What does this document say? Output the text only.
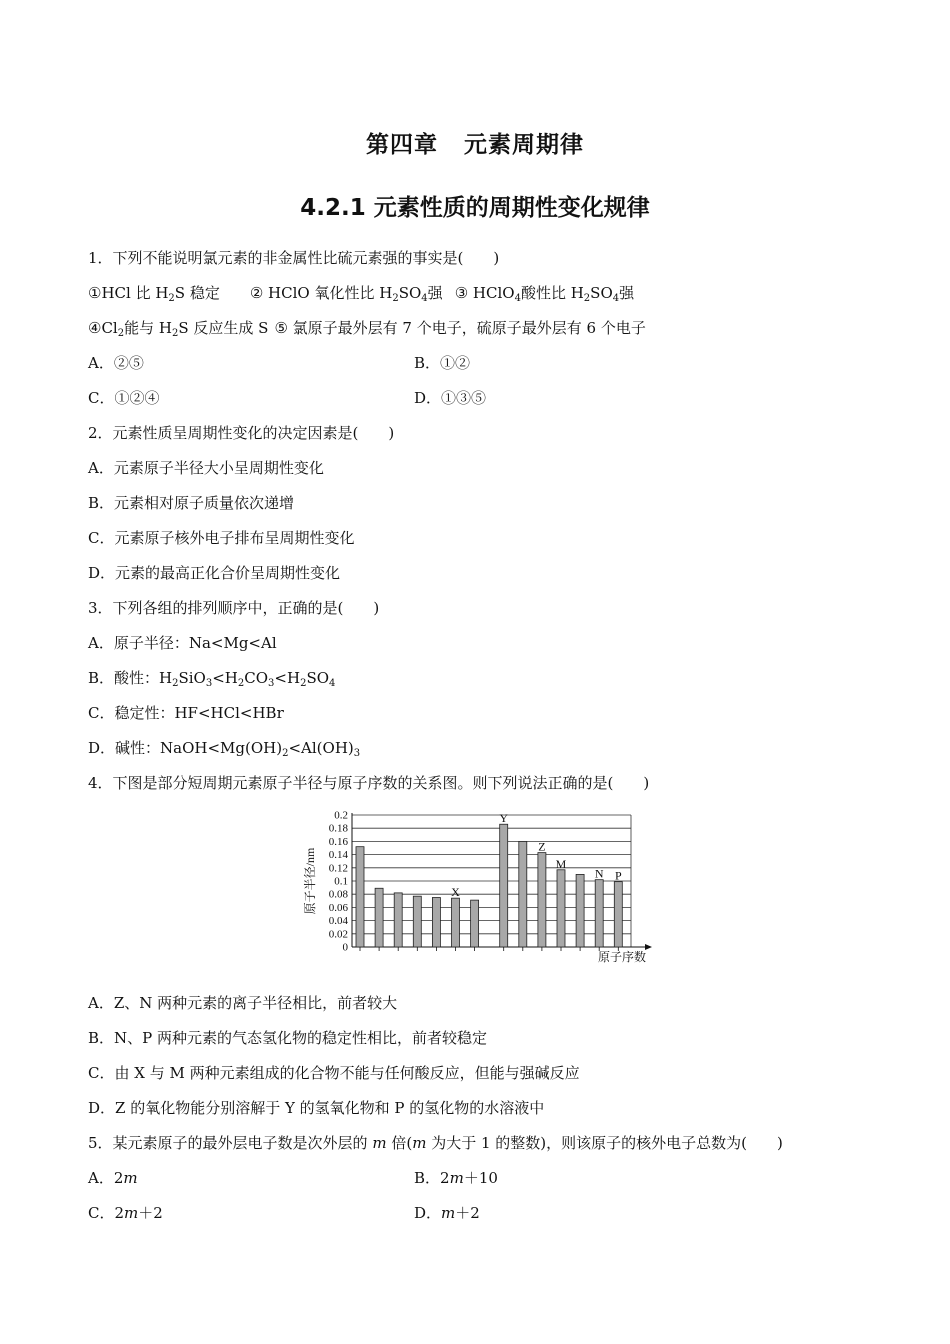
第四章 元素周期律
4.2.1 元素性质的周期性变化规律
1．下列不能说明氯元素的非金属性比硫元素强的事实是(　　)
①HCl 比 $H_2S$ 稳定 ② HClO 氧化性比 $H_2SO_4$强 ③ HClO$_4$酸性比 $H_2SO_4$强
$④Cl_2$能与 $H_2S$ 反应生成 S ⑤ 氯原子最外层有 7 个电子，硫原子最外层有 6 个电子
A．②⑤	B．①②
C．①②④	D．①③⑤
2．元素性质呈周期性变化的决定因素是(　　)
A．元素原子半径大小呈周期性变化
B．元素相对原子质量依次递增
C．元素原子核外电子排布呈周期性变化
D．元素的最高正化合价呈周期性变化
3．下列各组的排列顺序中，正确的是(　　)
A．原子半径：Na<Mg<Al
B．酸性：$H_2SiO_3<H_2CO_3<H_2SO_4$
C．稳定性：HF<HCl<HBr
D．碱性：$NaOH<Mg(OH)_2<Al(OH)_3$
4．下图是部分短周期元素原子半径与原子序数的关系图。则下列说法正确的是(　　)
0.2
0.18
0.16
0.14
0.12
0.1
0.08
0.06
0.04
0.02
0
原子半径/nm
原子序数
X
Y
Z
M
N P
A．Z、N 两种元素的离子半径相比，前者较大
B．N、P 两种元素的气态氢化物的稳定性相比，前者较稳定
C．由 X 与 M 两种元素组成的化合物不能与任何酸反应，但能与强碱反应
D．Z 的氧化物能分别溶解于 Y 的氢氧化物和 P 的氢化物的水溶液中
5．某元素原子的最外层电子数是次外层的 m 倍(m 为大于 1 的整数)，则该原子的核外电子总数为(　　)
A．2m	B．2m＋10
C．2m＋2	D．m＋2
